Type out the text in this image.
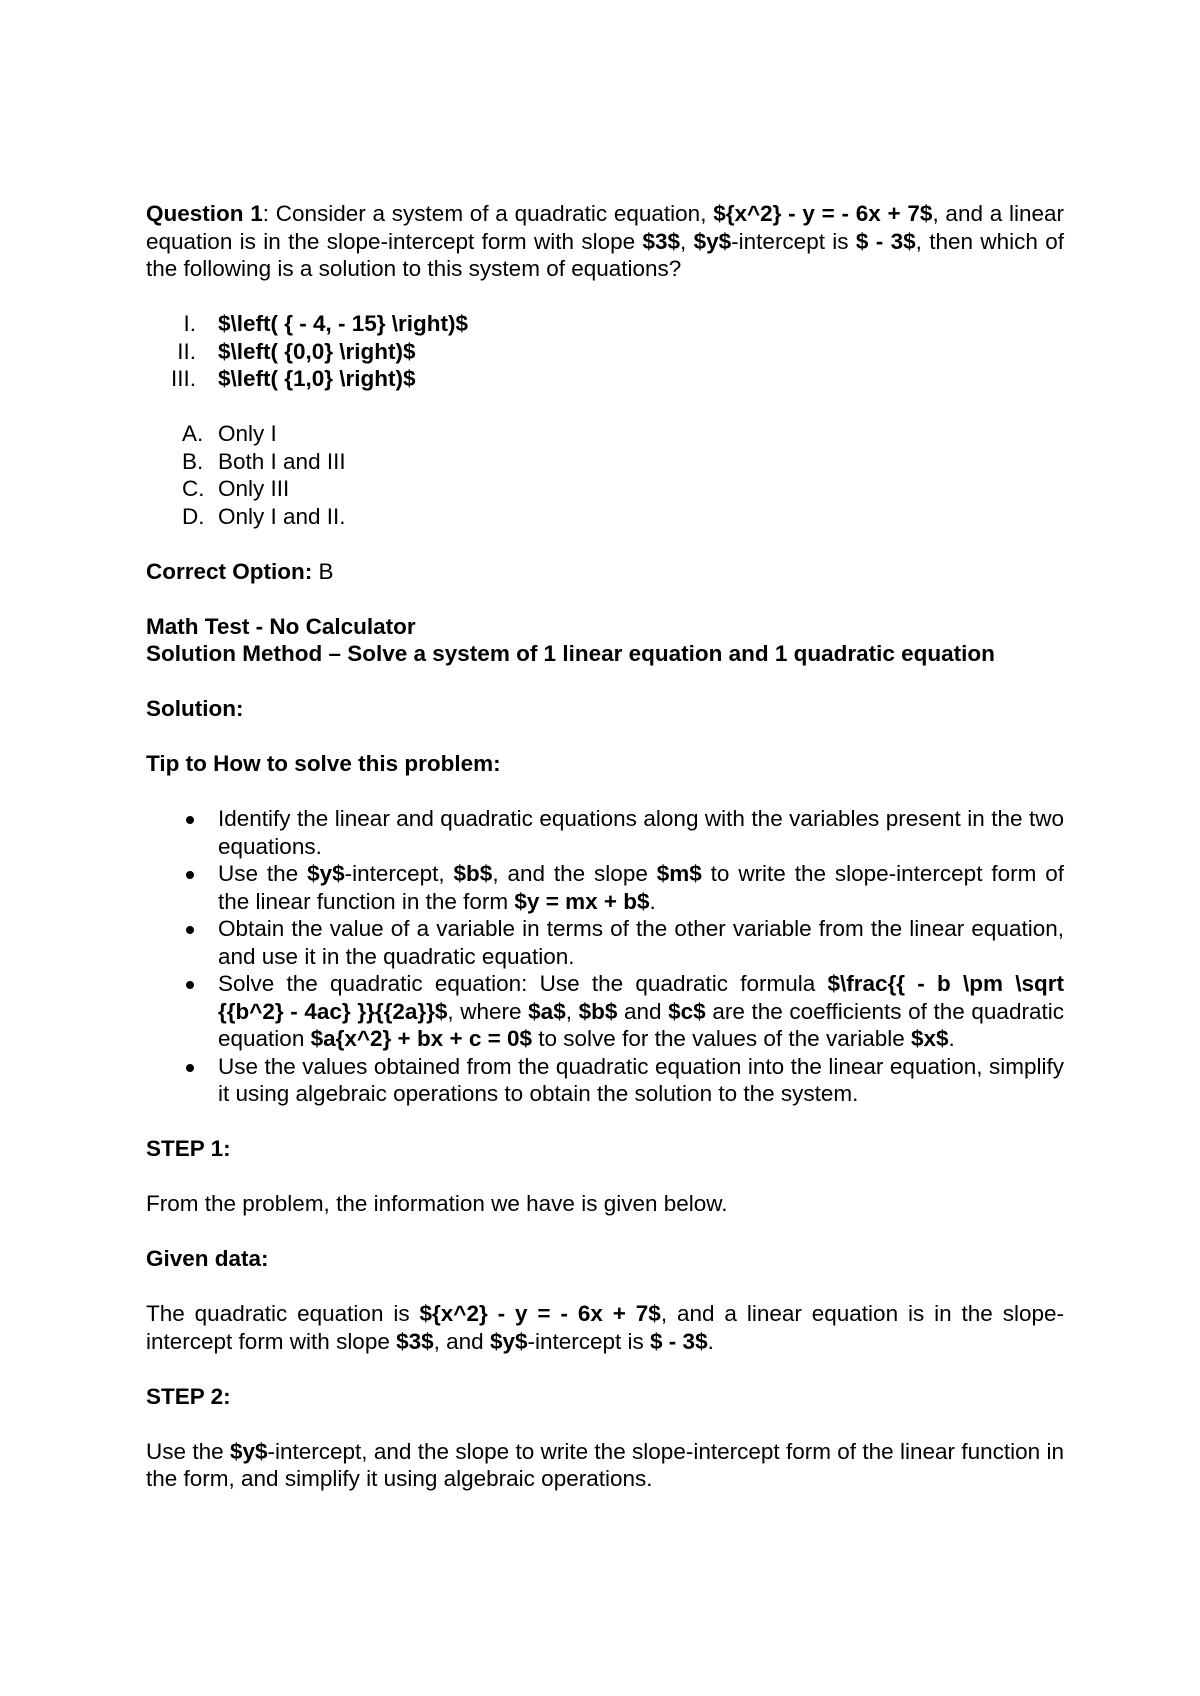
Question 1: Consider a system of a quadratic equation, ${x^2} - y = - 6x + 7$, and a linear equation is in the slope-intercept form with slope $3$, $y$-intercept is $ - 3$, then which of the following is a solution to this system of equations?

I. $\left( { - 4, - 15} \right)$
II. $\left( {0,0} \right)$
III. $\left( {1,0} \right)$
A. Only I
B. Both I and III
C. Only III
D. Only I and II.

Correct Option: B

Math Test - No Calculator

Solution Method – Solve a system of 1 linear equation and 1 quadratic equation

Solution:

Tip to How to solve this problem:

Identify the linear and quadratic equations along with the variables present in the two equations.
Use the $y$-intercept, $b$, and the slope $m$ to write the slope-intercept form of the linear function in the form $y = mx + b$.
Obtain the value of a variable in terms of the other variable from the linear equation, and use it in the quadratic equation.
Solve the quadratic equation: Use the quadratic formula $\frac{{ - b \pm \sqrt {{b^2} - 4ac} }}{{2a}}$, where $a$, $b$ and $c$ are the coefficients of the quadratic equation $a{x^2} + bx + c = 0$ to solve for the values of the variable $x$.
Use the values obtained from the quadratic equation into the linear equation, simplify it using algebraic operations to obtain the solution to the system.

STEP 1:

From the problem, the information we have is given below.

Given data:

The quadratic equation is ${x^2} - y = - 6x + 7$, and a linear equation is in the slope-intercept form with slope $3$, and $y$-intercept is $ - 3$.

STEP 2:

Use the $y$-intercept, and the slope to write the slope-intercept form of the linear function in the form, and simplify it using algebraic operations.
